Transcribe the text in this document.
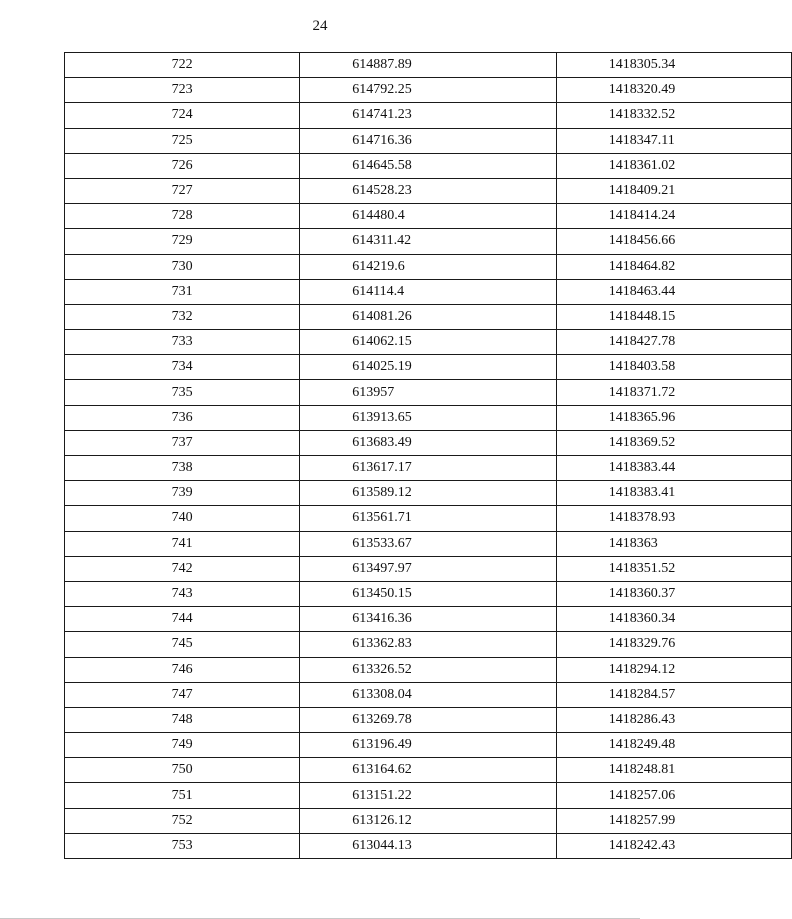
24
722	614887.89	1418305.34
723	614792.25	1418320.49
724	614741.23	1418332.52
725	614716.36	1418347.11
726	614645.58	1418361.02
727	614528.23	1418409.21
728	614480.4	1418414.24
729	614311.42	1418456.66
730	614219.6	1418464.82
731	614114.4	1418463.44
732	614081.26	1418448.15
733	614062.15	1418427.78
734	614025.19	1418403.58
735	613957	1418371.72
736	613913.65	1418365.96
737	613683.49	1418369.52
738	613617.17	1418383.44
739	613589.12	1418383.41
740	613561.71	1418378.93
741	613533.67	1418363
742	613497.97	1418351.52
743	613450.15	1418360.37
744	613416.36	1418360.34
745	613362.83	1418329.76
746	613326.52	1418294.12
747	613308.04	1418284.57
748	613269.78	1418286.43
749	613196.49	1418249.48
750	613164.62	1418248.81
751	613151.22	1418257.06
752	613126.12	1418257.99
753	613044.13	1418242.43
